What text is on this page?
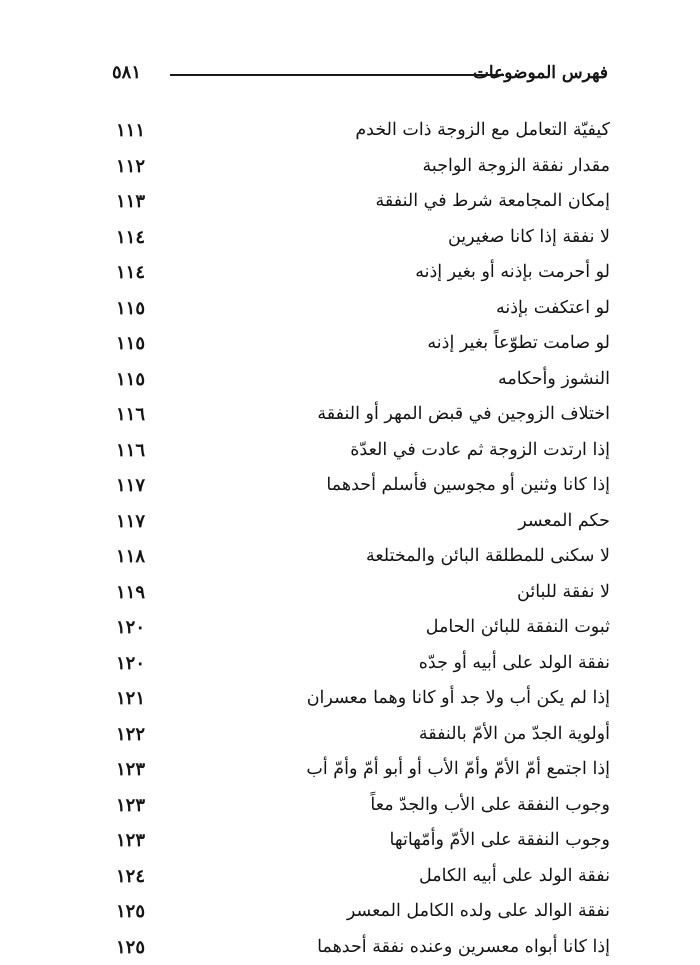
فهرس الموضوعات
٥٨١
كيفيّة التعامل مع الزوجة ذات الخدم
١١١
مقدار نفقة الزوجة الواجبة
١١٢
إمكان المجامعة شرط في النفقة
١١٣
لا نفقة إذا كانا صغيرين
١١٤
لو أحرمت بإذنه أو بغير إذنه
١١٤
لو اعتكفت بإذنه
١١٥
لو صامت تطوّعاً بغير إذنه
١١٥
النشوز وأحكامه
١١٥
اختلاف الزوجين في قبض المهر أو النفقة
١١٦
إذا ارتدت الزوجة ثم عادت في العدّة
١١٦
إذا كانا وثنين أو مجوسين فأسلم أحدهما
١١٧
حكم المعسر
١١٧
لا سكنى للمطلقة البائن والمختلعة
١١٨
لا نفقة للبائن
١١٩
ثبوت النفقة للبائن الحامل
١٢٠
نفقة الولد على أبيه أو جدّه
١٢٠
إذا لم يكن أب ولا جد أو كانا وهما معسران
١٢١
أولوية الجدّ من الأمّ بالنفقة
١٢٢
إذا اجتمع أمّ الأمّ وأمّ الأب أو أبو أمّ وأمّ أب
١٢٣
وجوب النفقة على الأب والجدّ معاً
١٢٣
وجوب النفقة على الأمّ وأمّهاتها
١٢٣
نفقة الولد على أبيه الكامل
١٢٤
نفقة الوالد على ولده الكامل المعسر
١٢٥
إذا كانا أبواه معسرين وعنده نفقة أحدهما
١٢٥
